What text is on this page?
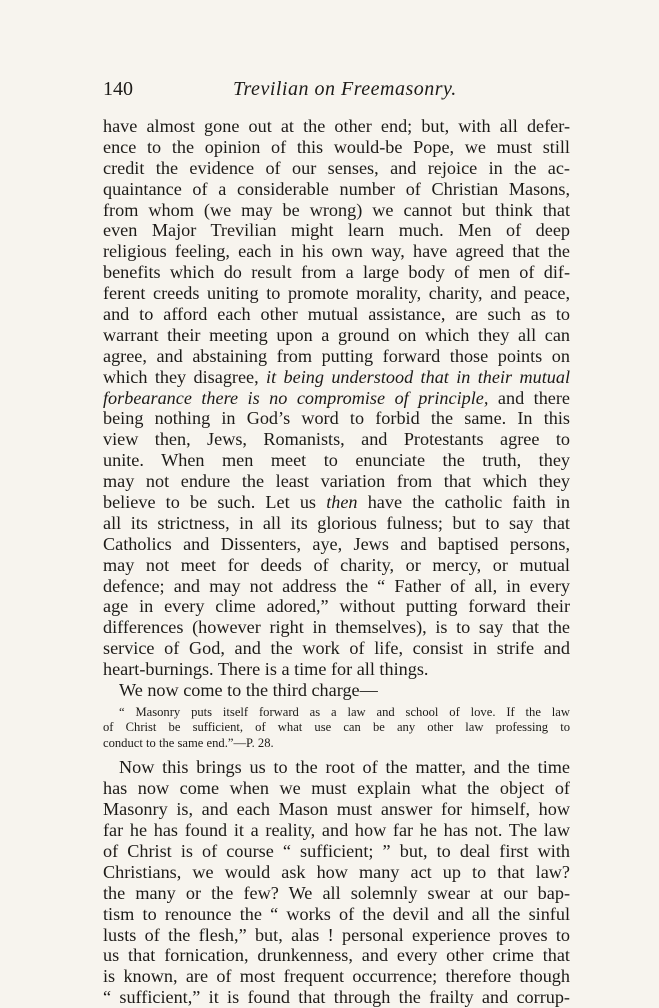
140	Trevilian on Freemasonry.
have almost gone out at the other end; but, with all defer-
ence to the opinion of this would-be Pope, we must still
credit the evidence of our senses, and rejoice in the ac-
quaintance of a considerable number of Christian Masons,
from whom (we may be wrong) we cannot but think that
even Major Trevilian might learn much. Men of deep
religious feeling, each in his own way, have agreed that the
benefits which do result from a large body of men of dif-
ferent creeds uniting to promote morality, charity, and peace,
and to afford each other mutual assistance, are such as to
warrant their meeting upon a ground on which they all can
agree, and abstaining from putting forward those points on
which they disagree, it being understood that in their mutual
forbearance there is no compromise of principle, and there
being nothing in God’s word to forbid the same. In this
view then, Jews, Romanists, and Protestants agree to
unite. When men meet to enunciate the truth, they
may not endure the least variation from that which they
believe to be such. Let us then have the catholic faith in
all its strictness, in all its glorious fulness; but to say that
Catholics and Dissenters, aye, Jews and baptised persons,
may not meet for deeds of charity, or mercy, or mutual
defence; and may not address the “ Father of all, in every
age in every clime adored,” without putting forward their
differences (however right in themselves), is to say that the
service of God, and the work of life, consist in strife and
heart-burnings. There is a time for all things.
We now come to the third charge—
“ Masonry puts itself forward as a law and school of love. If the law
of Christ be sufficient, of what use can be any other law professing to
conduct to the same end.”—P. 28.
Now this brings us to the root of the matter, and the time
has now come when we must explain what the object of
Masonry is, and each Mason must answer for himself, how
far he has found it a reality, and how far he has not. The law
of Christ is of course “ sufficient; ” but, to deal first with
Christians, we would ask how many act up to that law?
the many or the few? We all solemnly swear at our bap-
tism to renounce the “ works of the devil and all the sinful
lusts of the flesh,” but, alas ! personal experience proves to
us that fornication, drunkenness, and every other crime that
is known, are of most frequent occurrence; therefore though
“ sufficient,” it is found that through the frailty and corrup-
